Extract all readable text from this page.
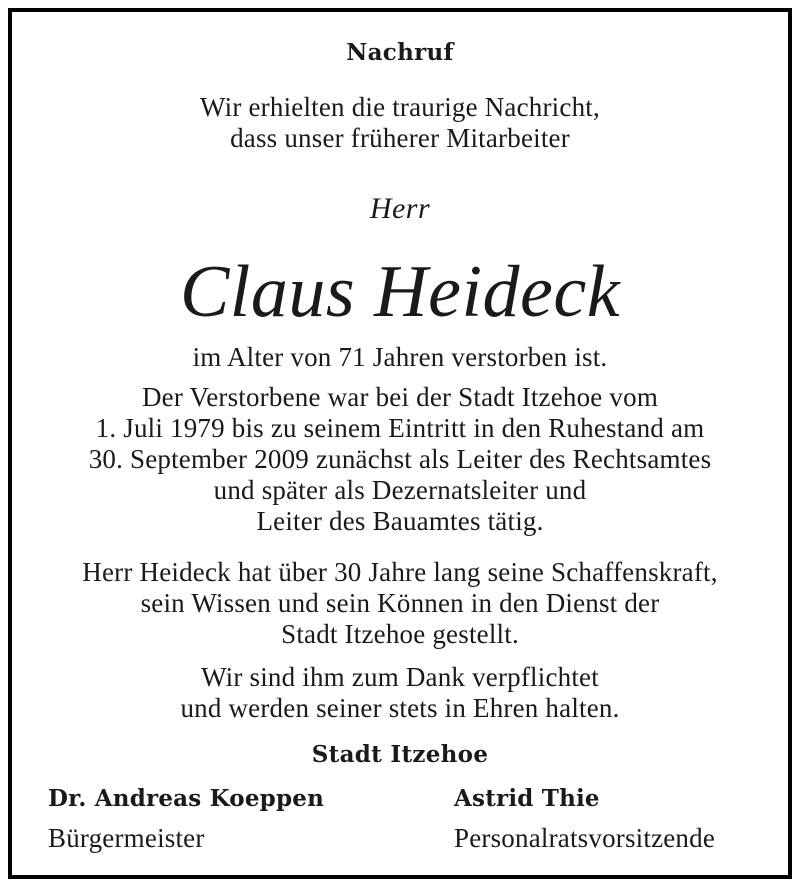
Nachruf
Wir erhielten die traurige Nachricht,
dass unser früherer Mitarbeiter
Herr
Claus Heideck
im Alter von 71 Jahren verstorben ist.
Der Verstorbene war bei der Stadt Itzehoe vom
1. Juli 1979 bis zu seinem Eintritt in den Ruhestand am
30. September 2009 zunächst als Leiter des Rechtsamtes
und später als Dezernatsleiter und
Leiter des Bauamtes tätig.
Herr Heideck hat über 30 Jahre lang seine Schaffenskraft,
sein Wissen und sein Können in den Dienst der
Stadt Itzehoe gestellt.
Wir sind ihm zum Dank verpflichtet
und werden seiner stets in Ehren halten.
Stadt Itzehoe
Dr. Andreas Koeppen
Bürgermeister
Astrid Thie
Personalratsvorsitzende
